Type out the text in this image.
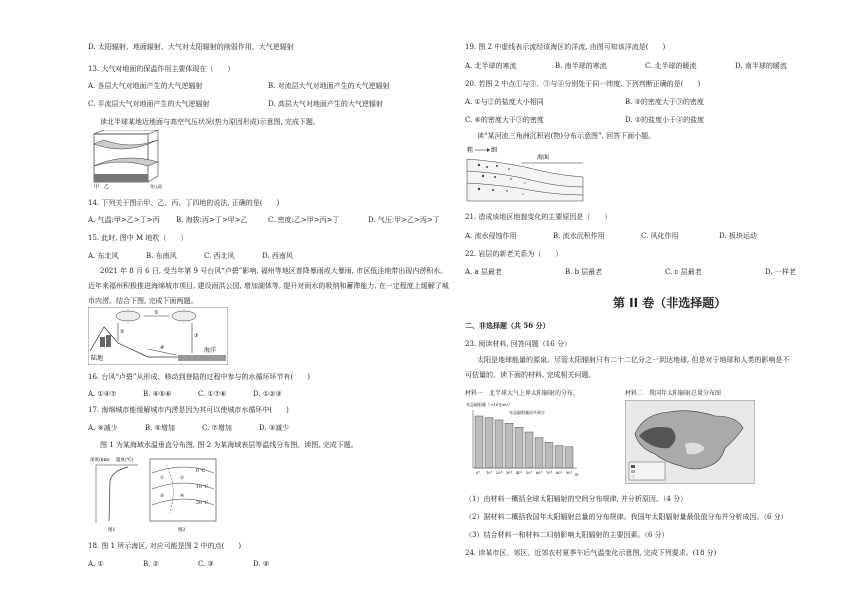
D. 太阳辐射、地面辐射、大气对太阳辐射的削弱作用、大气逆辐射
13. 大气对地面的保温作用主要体现在（　　）
A. 各层大气对地面产生的大气逆辐射	B. 对流层大气对地面产生的大气逆辐射
C. 平流层大气对地面产生的大气逆辐射	D. 高层大气对地面产生的大气逆辐射
读北半球某地近地面与高空气压状况(热力原因形成)示意图, 完成下题。
甲 乙	等压面
14. 下列关于图示甲、乙、丙、丁四地的说法, 正确的是(　　)
A. 气温:甲>乙>丁>丙	B. 海拔:丙>丁>甲>乙	C. 密度:乙>甲>丙>丁	D. 气压:甲>乙>丙>丁
15. 此时, 图中 M 地吹（　　）
A. 东北风	B. 东南风	C. 西北风	D. 西南风
2021 年 8 月 6 日, 受当年第 9 号台风“卢碧”影响, 福州等地区普降暴雨或大暴雨, 市区低洼地带出现内涝积水。近年来福州积极推进海绵城市项目, 建设雨洪公园, 增加湖体等, 提升对雨水的吸纳和蓄滞能力, 在一定程度上缓解了城市内涝。结合下图, 完成下面两题。
陆地
海洋
①
②
③
④
16. 台风“卢碧”从形成、移动到登陆的过程中参与的水循环环节有(　　)
A. ①④⑦	B. ④⑤⑥	C. ①⑦⑥	D. ①②③
17. 海绵城市能缓解城市内涝是因为其可以使城市水循环中(　　)
A. ④减少	B. ⑤增加	C. ⑦增加	D. ③减少
图 1 为某海域水温垂直分布图, 图 2 为某海域表层等温线分布图。读图, 完成下题。
深度(km) 温度(℃)
图1
0 ℃
10 ℃
20 ℃
①	②
③	④
图2
18. 图 1 所示海区, 对应可能是图 2 中的点(　　)
A. ①	B. ②	C. ③	D. ④
19. 图 2 中虚线表示流经该海区的洋流, 由图可知该洋流是(　　)
A. 北半球的寒流	B. 南半球的寒流	C. 北半球的暖流	D. 南半球的暖流
20. 若图 2 中点①与③、③与④分别处于同一纬度, 下列判断正确的是(　　)
A. ①与②的盐度大小相同	B. ②的密度大于③的密度
C. ④的密度大于③的密度	D. ①的盐度小于④的盐度
读“某河流三角洲沉积岩(物)分布示意图”, 回答下面小题。
粗	细
海面
21. 造成该地区地貌变化的主要原因是（　　）
A. 流水侵蚀作用	B. 流水沉积作用	C. 风化作用	D. 板块运动
22. 岩层的新老关系为（　　）
A. a 层最老	B. b 层最老	C. c 层最老	D. 一样老
第 II 卷（非选择题）
二、非选择题（共 56 分）
23. 阅读材料, 回答问题（16 分）
太阳是地球能量的源泉。尽管太阳辐射只有二十二亿分之一到达地球, 但是对于地球和人类的影响是不可估量的。读下面的材料, 完成相关问题。
材料一　北半球大气上界太阳辐射的分布。	材料二　我国年太阳辐射总量分布图
年总辐射量（×10⁸J/m²）
年总辐射量由多到少
0° 10° 20° 30° 40° 50° 60° 70° 80° 90° N
（1）由材料一概括全球太阳辐射的空间分布规律, 并分析原因。（4 分）
（2）据材料二概括我国年太阳辐射总量的分布规律。我国年太阳辐射量最低值分布并分析成因。（6 分）
（3）结合材料一和材料二归纳影响太阳辐射的主要因素。（6 分）
24. 读某市区、郊区、近郊农村夏季午后气温变化示意图, 完成下列要求。(18 分)
